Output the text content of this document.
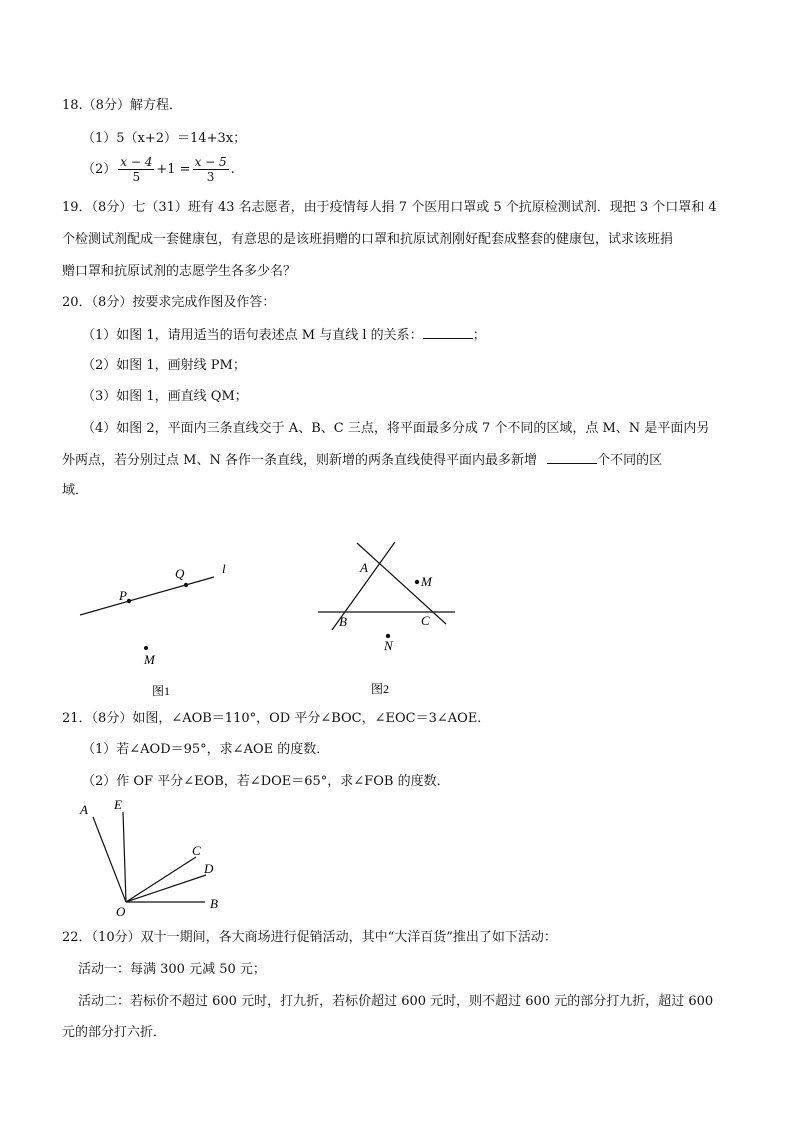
18.（8分）解方程．
（1）5（x+2）＝14+3x；
$(2) \frac{x - 4}{5} +1 = \frac{x - 5}{3}$ .
19．（8分）七（31）班有 43 名志愿者，由于疫情每人捐 7 个医用口罩或 5 个抗原检测试剂．现把 3 个口罩和 4
个检测试剂配成一套健康包，有意思的是该班捐赠的口罩和抗原试剂刚好配套成整套的健康包，试求该班捐
赠口罩和抗原试剂的志愿学生各多少名？
20．（8分）按要求完成作图及作答：
（1）如图 1，请用适当的语句表述点 M 与直线 l 的关系：	；
（2）如图 1，画射线 PM；
（3）如图 1，画直线 QM；
（4）如图 2，平面内三条直线交于 A、B、C 三点，将平面最多分成 7 个不同的区域，点 M、N 是平面内另
外两点，若分别过点 M、N 各作一条直线，则新增的两条直线使得平面内最多新增	个不同的区
域．
l
Q
P
M
图1
A
M
B	C
N
图2
21．（8分）如图，∠AOB＝110°，OD 平分∠BOC，∠EOC＝3∠AOE．
（1）若∠AOD＝95°，求∠AOE 的度数．
（2）作 OF 平分∠EOB，若∠DOE＝65°，求∠FOB 的度数．
A E
C
D
O
B
22．（10分）双十一期间，各大商场进行促销活动，其中“大洋百货”推出了如下活动：
活动一：每满 300 元减 50 元；
活动二：若标价不超过 600 元时，打九折，若标价超过 600 元时，则不超过 600 元的部分打九折，超过 600
元的部分打六折．
